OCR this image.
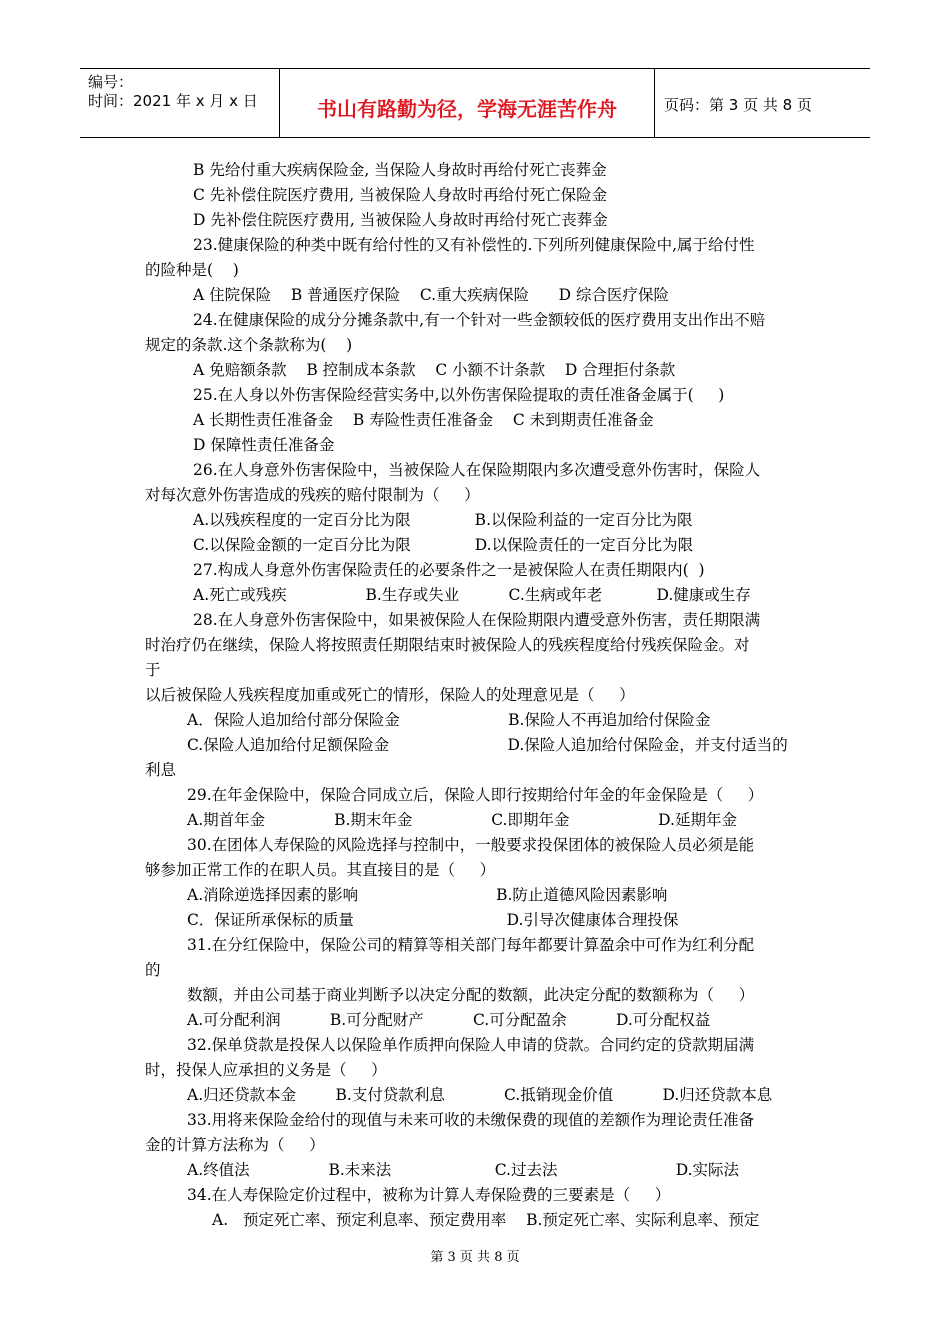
编号：
时间：2021 年 x 月 x 日	书山有路勤为径，学海无涯苦作舟	页码：第 3 页 共 8 页
B 先给付重大疾病保险金, 当保险人身故时再给付死亡丧葬金
C 先补偿住院医疗费用, 当被保险人身故时再给付死亡保险金
D 先补偿住院医疗费用, 当被保险人身故时再给付死亡丧葬金
23.健康保险的种类中既有给付性的又有补偿性的.下列所列健康保险中,属于给付性
的险种是(    )
A 住院保险    B 普通医疗保险    C.重大疾病保险      D 综合医疗保险
24.在健康保险的成分分摊条款中,有一个针对一些金额较低的医疗费用支出作出不赔
规定的条款.这个条款称为(    )
A 免赔额条款    B 控制成本条款    C 小额不计条款    D 合理拒付条款
25.在人身以外伤害保险经营实务中,以外伤害保险提取的责任准备金属于(     )
A 长期性责任准备金    B 寿险性责任准备金    C 未到期责任准备金
D 保障性责任准备金
26.在人身意外伤害保险中，当被保险人在保险期限内多次遭受意外伤害时，保险人
对每次意外伤害造成的残疾的赔付限制为（     ）
A.以残疾程度的一定百分比为限             B.以保险利益的一定百分比为限
C.以保险金额的一定百分比为限             D.以保险责任的一定百分比为限
27.构成人身意外伤害保险责任的必要条件之一是被保险人在责任期限内(  )
A.死亡或残疾                B.生存或失业          C.生病或年老           D.健康或生存
28.在人身意外伤害保险中，如果被保险人在保险期限内遭受意外伤害，责任期限满
时治疗仍在继续，保险人将按照责任期限结束时被保险人的残疾程度给付残疾保险金。对
于
以后被保险人残疾程度加重或死亡的情形，保险人的处理意见是（     ）
A．保险人追加给付部分保险金                      B.保险人不再追加给付保险金
C.保险人追加给付足额保险金                        D.保险人追加给付保险金，并支付适当的
利息
29.在年金保险中，保险合同成立后，保险人即行按期给付年金的年金保险是（     ）
A.期首年金              B.期末年金                C.即期年金                  D.延期年金
30.在团体人寿保险的风险选择与控制中，一般要求投保团体的被保险人员必须是能
够参加正常工作的在职人员。其直接目的是（     ）
A.消除逆选择因素的影响                            B.防止道德风险因素影响
C．保证所承保标的质量                               D.引导次健康体合理投保
31.在分红保险中，保险公司的精算等相关部门每年都要计算盈余中可作为红利分配
的
数额，并由公司基于商业判断予以决定分配的数额，此决定分配的数额称为（     ）
A.可分配利润          B.可分配财产          C.可分配盈余          D.可分配权益
32.保单贷款是投保人以保险单作质押向保险人申请的贷款。合同约定的贷款期届满
时，投保人应承担的义务是（     ）
A.归还贷款本金        B.支付贷款利息            C.抵销现金价值          D.归还贷款本息
33.用将来保险金给付的现值与未来可收的未缴保费的现值的差额作为理论责任准备
金的计算方法称为（     ）
A.终值法                B.未来法                     C.过去法                        D.实际法
34.在人寿保险定价过程中，被称为计算人寿保险费的三要素是（     ）
A.   预定死亡率、预定利息率、预定费用率    B.预定死亡率、实际利息率、预定
第 3 页 共 8 页
